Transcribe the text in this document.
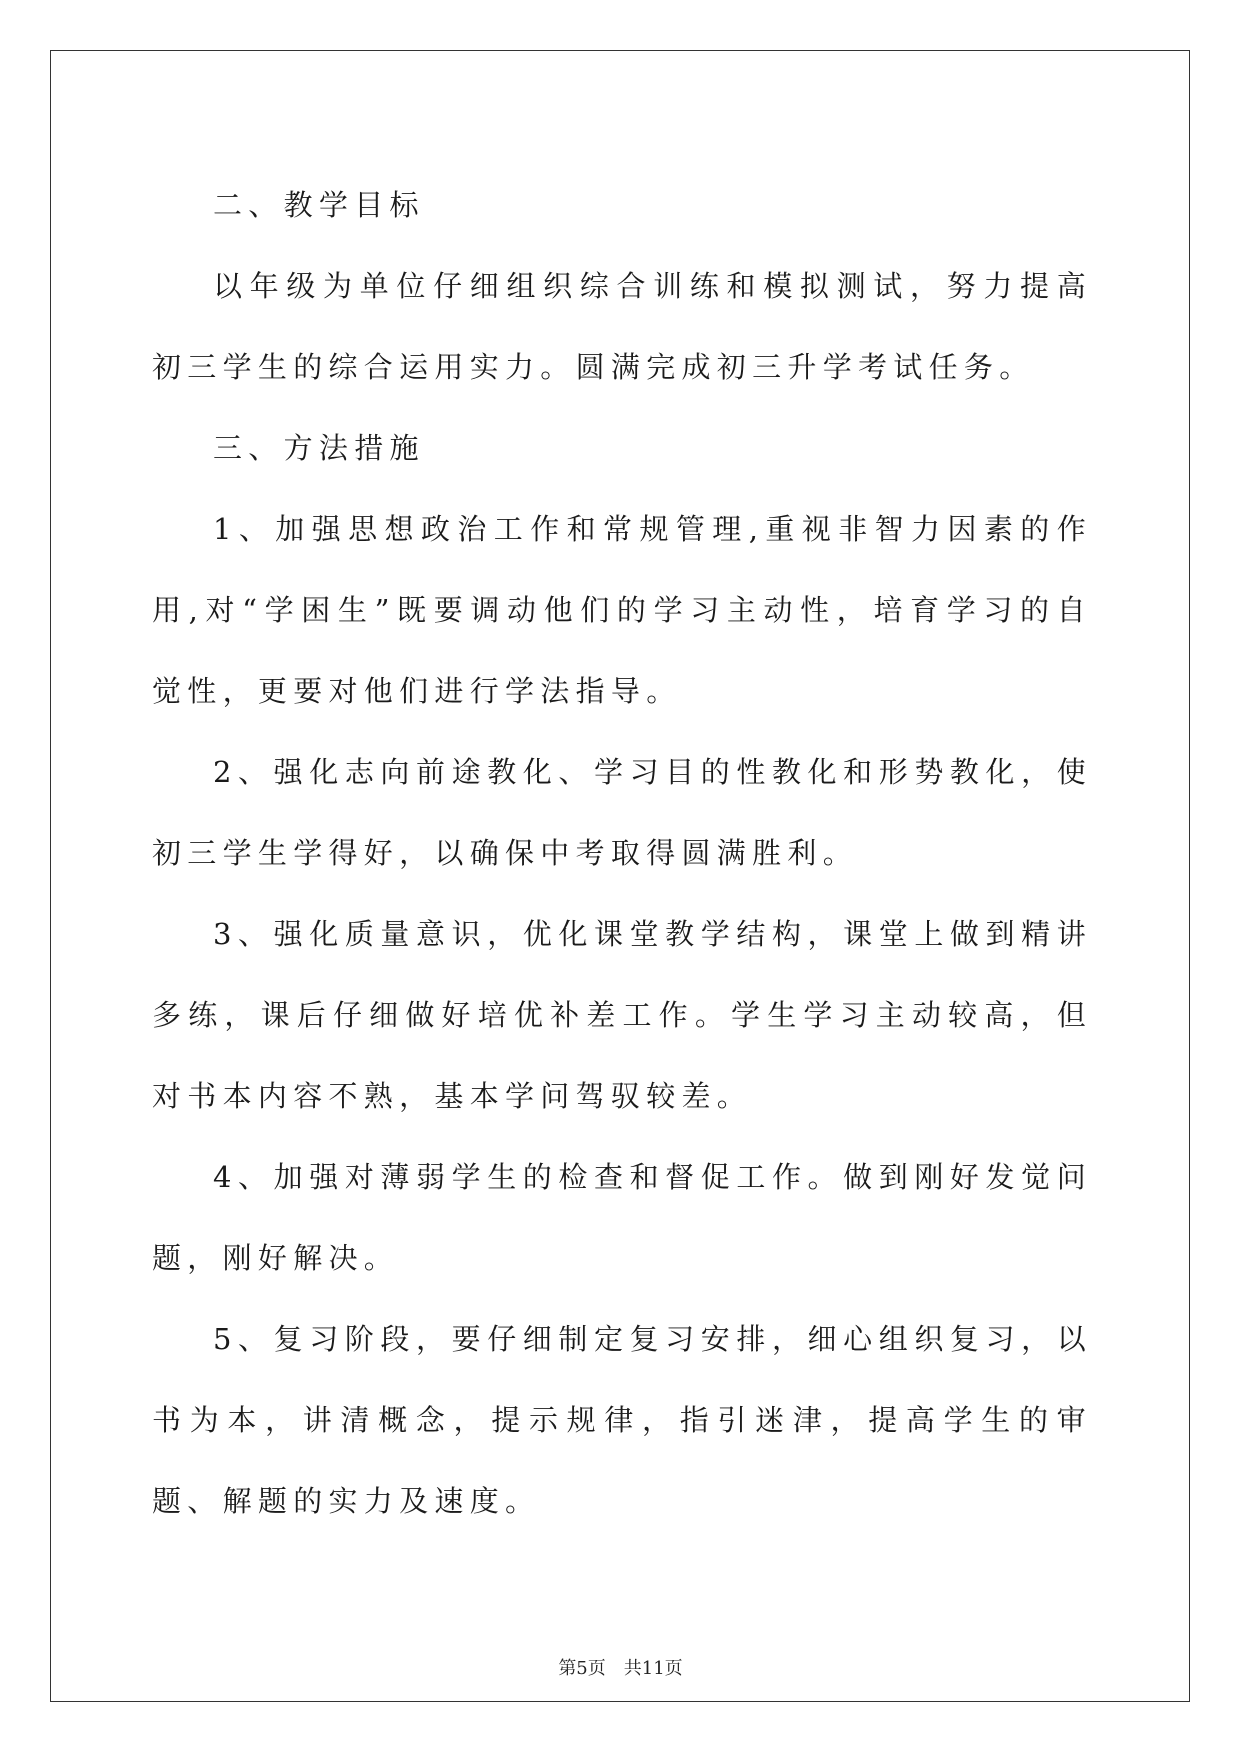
二、教学目标

以年级为单位仔细组织综合训练和模拟测试，努力提高初三学生的综合运用实力。圆满完成初三升学考试任务。

三、方法措施

1、加强思想政治工作和常规管理,重视非智力因素的作用,对“学困生”既要调动他们的学习主动性，培育学习的自觉性，更要对他们进行学法指导。

2、强化志向前途教化、学习目的性教化和形势教化，使初三学生学得好，以确保中考取得圆满胜利。

3、强化质量意识，优化课堂教学结构，课堂上做到精讲多练，课后仔细做好培优补差工作。学生学习主动较高，但对书本内容不熟，基本学问驾驭较差。

4、加强对薄弱学生的检查和督促工作。做到刚好发觉问题，刚好解决。

5、复习阶段，要仔细制定复习安排，细心组织复习，以书为本，讲清概念，提示规律，指引迷津，提高学生的审题、解题的实力及速度。

第5页　共11页
